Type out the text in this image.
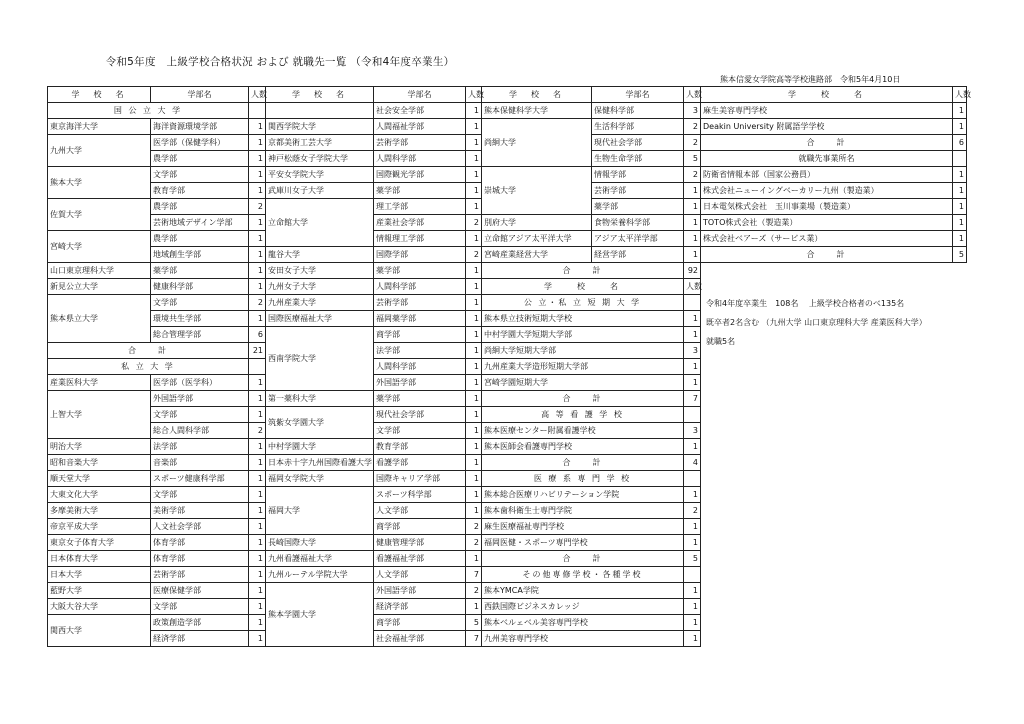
令和5年度　上級学校合格状況 および 就職先一覧 （令和4年度卒業生）
熊本信愛女学院高等学校進路部　令和5年4月10日
学　校　名	学部名	人数
国 公 立 大 学		
東京海洋大学	海洋資源環境学部	1
九州大学	医学部（保健学科）	1
	農学部	1
熊本大学	文学部	1
	教育学部	1
佐賀大学	農学部	2
	芸術地域デザイン学部	1
宮崎大学	農学部	1
	地域創生学部	1
山口東京理科大学	薬学部	1
新見公立大学	健康科学部	1
熊本県立大学	文学部	2
	環境共生学部	1
	総合管理学部	6
合　　計		21
私 立 大 学		
産業医科大学	医学部（医学科）	1
上智大学	外国語学部	1
	文学部	1
	総合人間科学部	2
明治大学	法学部	1
昭和音楽大学	音楽部	1
順天堂大学	スポーツ健康科学部	1
大東文化大学	文学部	1
多摩美術大学	美術学部	1
帝京平成大学	人文社会学部	1
東京女子体育大学	体育学部	1
日本体育大学	体育学部	1
日本大学	芸術学部	1
藍野大学	医療保健学部	1
大阪大谷大学	文学部	1
関西大学	政策創造学部	1
	経済学部	1
学　校　名	学部名	人数
	社会安全学部	1
関西学院大学	人間福祉学部	1
京都美術工芸大学	芸術学部	1
神戸松蔭女子学院大学	人間科学部	1
平安女学院大学	国際観光学部	1
武庫川女子大学	薬学部	1
立命館大学	理工学部	1
	産業社会学部	2
	情報理工学部	1
龍谷大学	国際学部	2
安田女子大学	薬学部	1
九州女子大学	人間科学部	1
九州産業大学	芸術学部	1
国際医療福祉大学	福岡薬学部	1
西南学院大学	商学部	1
	法学部	1
	人間科学部	1
	外国語学部	1
第一薬科大学	薬学部	1
筑紫女学園大学	現代社会学部	1
	文学部	1
中村学園大学	教育学部	1
日本赤十字九州国際看護大学	看護学部	1
福岡女学院大学	国際キャリア学部	1
福岡大学	スポーツ科学部	1
	人文学部	1
	商学部	2
長崎国際大学	健康管理学部	2
九州看護福祉大学	看護福祉学部	1
九州ルーテル学院大学	人文学部	7
熊本学園大学	外国語学部	2
	経済学部	1
	商学部	5
	社会福祉学部	7
学　校　名	学部名	人数
熊本保健科学大学	保健科学部	3
尚絅大学	生活科学部	2
	現代社会学部	2
	生物生命学部	5
崇城大学	情報学部	2
	芸術学部	1
	薬学部	1
別府大学	食物栄養科学部	1
立命館アジア太平洋大学	アジア太平洋学部	1
宮崎産業経営大学	経営学部	1
合　　計		92
学　　校　　名		人数
公 立・私 立 短 期 大 学		
熊本県立技術短期大学校		1
中村学園大学短期大学部		1
尚絅大学短期大学部		3
九州産業大学造形短期大学部		1
宮崎学園短期大学		1
合　　計		7
高 等 看 護 学 校		
熊本医療センター附属看護学校		3
熊本医師会看護専門学校		1
合　　計		4
医 療 系 専 門 学 校		
熊本総合医療リハビリテーション学院		1
熊本歯科衛生士専門学院		2
麻生医療福祉専門学校		1
福岡医健・スポーツ専門学校		1
合　　計		5
その他専修学校・各種学校		
熊本YMCA学院		1
西鉄国際ビジネスカレッジ		1
熊本ベルェベル美容専門学校		1
九州美容専門学校		1
学　　校　　名	人数
麻生美容専門学校	1
Deakin University 附属語学学校	1
合　　計	6
就職先事業所名	
防衛省情報本部（国家公務員）	1
株式会社ニューイングベーカリー九州（製造業）	1
日本電気株式会社　玉川事業場（製造業）	1
TOTO株式会社（製造業）	1
株式会社ベアーズ（サービス業）	1
合　　計	5
令和4年度卒業生　108名　 上級学校合格者のべ135名
既卒者2名含む （九州大学 山口東京理科大学 産業医科大学）
就職5名
